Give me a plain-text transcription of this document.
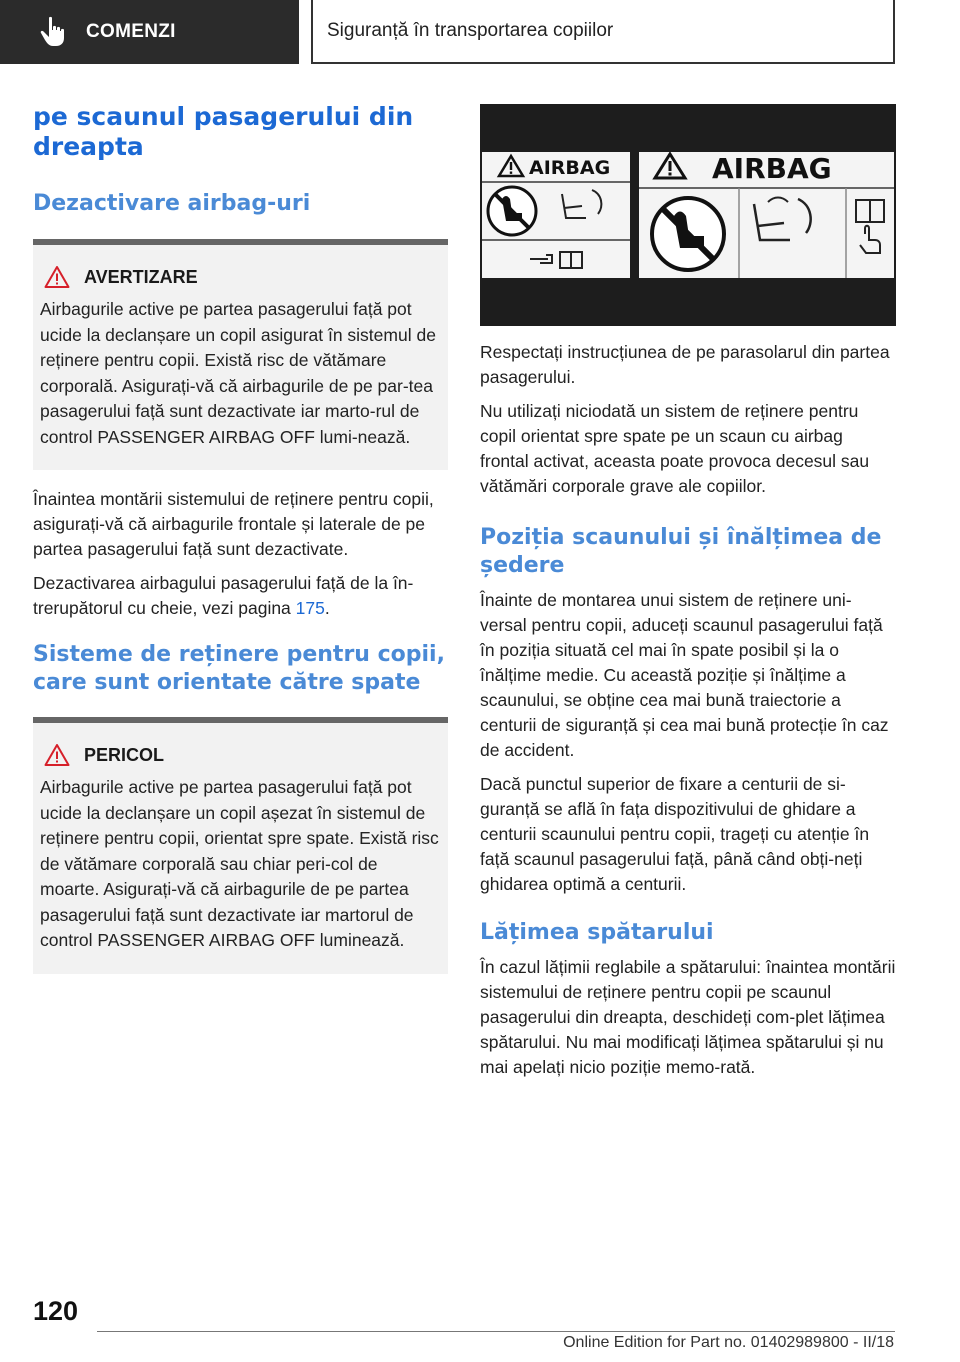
COMENZI	Siguranță în transportarea copiilor
pe scaunul pasagerului din dreapta
Dezactivare airbag-uri
AVERTIZARE

Airbagurile active pe partea pasagerului față pot ucide la declanșare un copil asigurat în sistemul de reținere pentru copii. Există risc de vătămare corporală. Asigurați-vă că airbagurile de pe par-tea pasagerului față sunt dezactivate iar marto-rul de control PASSENGER AIRBAG OFF lumi-nează.

Înaintea montării sistemului de reținere pentru copii, asigurați-vă că airbagurile frontale și laterale de pe partea pasagerului față sunt dezactivate.

Dezactivarea airbagului pasagerului față de la în-trerupătorul cu cheie, vezi pagina 175.

Sisteme de reținere pentru copii, care sunt orientate către spate
PERICOL

Airbagurile active pe partea pasagerului față pot ucide la declanșare un copil așezat în sistemul de reținere pentru copii, orientat spre spate. Există risc de vătămare corporală sau chiar peri-col de moarte. Asigurați-vă că airbagurile de pe partea pasagerului față sunt dezactivate iar martorul de control PASSENGER AIRBAG OFF luminează.

AIRBAG	AIRBAG

Respectați instrucțiunea de pe parasolarul din partea pasagerului.

Nu utilizați niciodată un sistem de reținere pentru copil orientat spre spate pe un scaun cu airbag frontal activat, aceasta poate provoca decesul sau vătămări corporale grave ale copiilor.

Poziția scaunului și înălțimea de ședere

Înainte de montarea unui sistem de reținere uni-versal pentru copii, aduceți scaunul pasagerului față în poziția situată cel mai în spate posibil și la o înălțime medie. Cu această poziție și înălțime a scaunului, se obține cea mai bună traiectorie a centurii de siguranță și cea mai bună protecție în caz de accident.

Dacă punctul superior de fixare a centurii de si-guranță se află în fața dispozitivului de ghidare a centurii scaunului pentru copii, trageți cu atenție în față scaunul pasagerului față, până când obți-neți ghidarea optimă a centurii.

Lățimea spătarului

În cazul lățimii reglabile a spătarului: înaintea montării sistemului de reținere pentru copii pe scaunul pasagerului din dreapta, deschideți com-plet lățimea spătarului. Nu mai modificați lățimea spătarului și nu mai apelați nicio poziție memo-rată.

120
Online Edition for Part no. 01402989800 - II/18
